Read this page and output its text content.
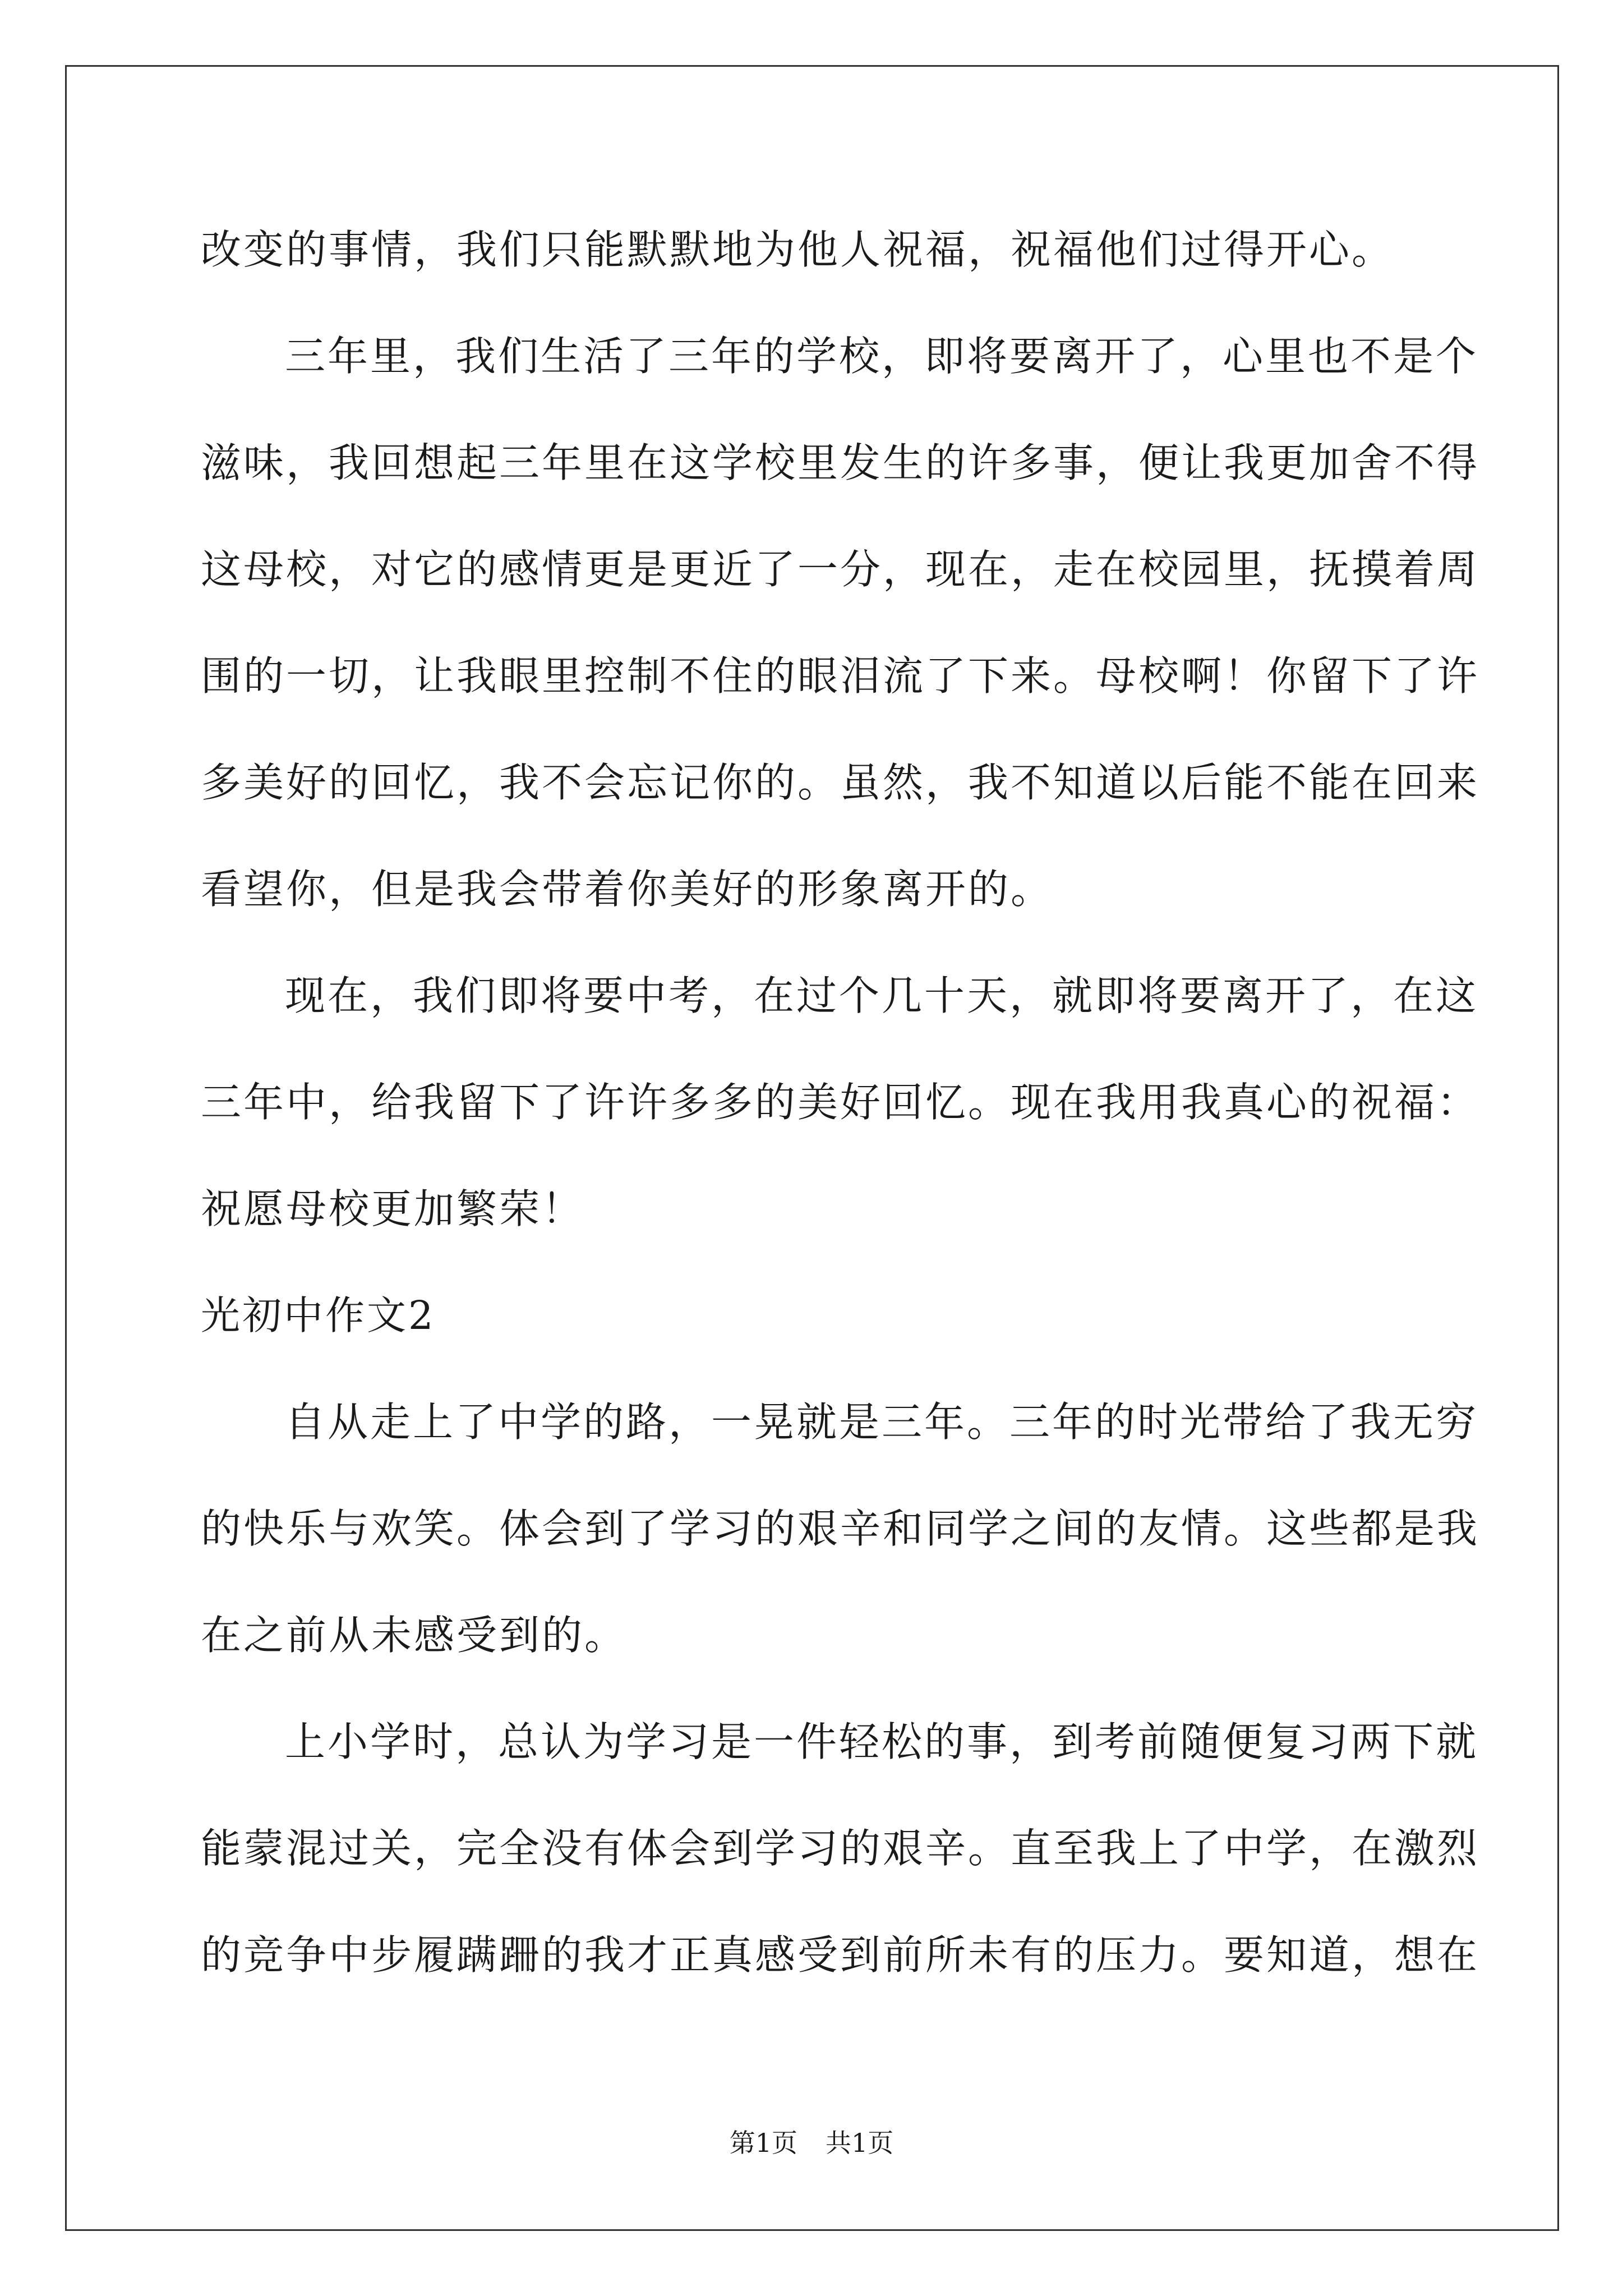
改变的事情，我们只能默默地为他人祝福，祝福他们过得开心。
三年里，我们生活了三年的学校，即将要离开了，心里也不是个
滋味，我回想起三年里在这学校里发生的许多事，便让我更加舍不得
这母校，对它的感情更是更近了一分，现在，走在校园里，抚摸着周
围的一切，让我眼里控制不住的眼泪流了下来。母校啊！你留下了许
多美好的回忆，我不会忘记你的。虽然，我不知道以后能不能在回来
看望你，但是我会带着你美好的形象离开的。
现在，我们即将要中考，在过个几十天，就即将要离开了，在这
三年中，给我留下了许许多多的美好回忆。现在我用我真心的祝福：
祝愿母校更加繁荣！
光初中作文2
自从走上了中学的路，一晃就是三年。三年的时光带给了我无穷
的快乐与欢笑。体会到了学习的艰辛和同学之间的友情。这些都是我
在之前从未感受到的。
上小学时，总认为学习是一件轻松的事，到考前随便复习两下就
能蒙混过关，完全没有体会到学习的艰辛。直至我上了中学，在激烈
的竞争中步履蹒跚的我才正真感受到前所未有的压力。要知道，想在
第1页 共1页
